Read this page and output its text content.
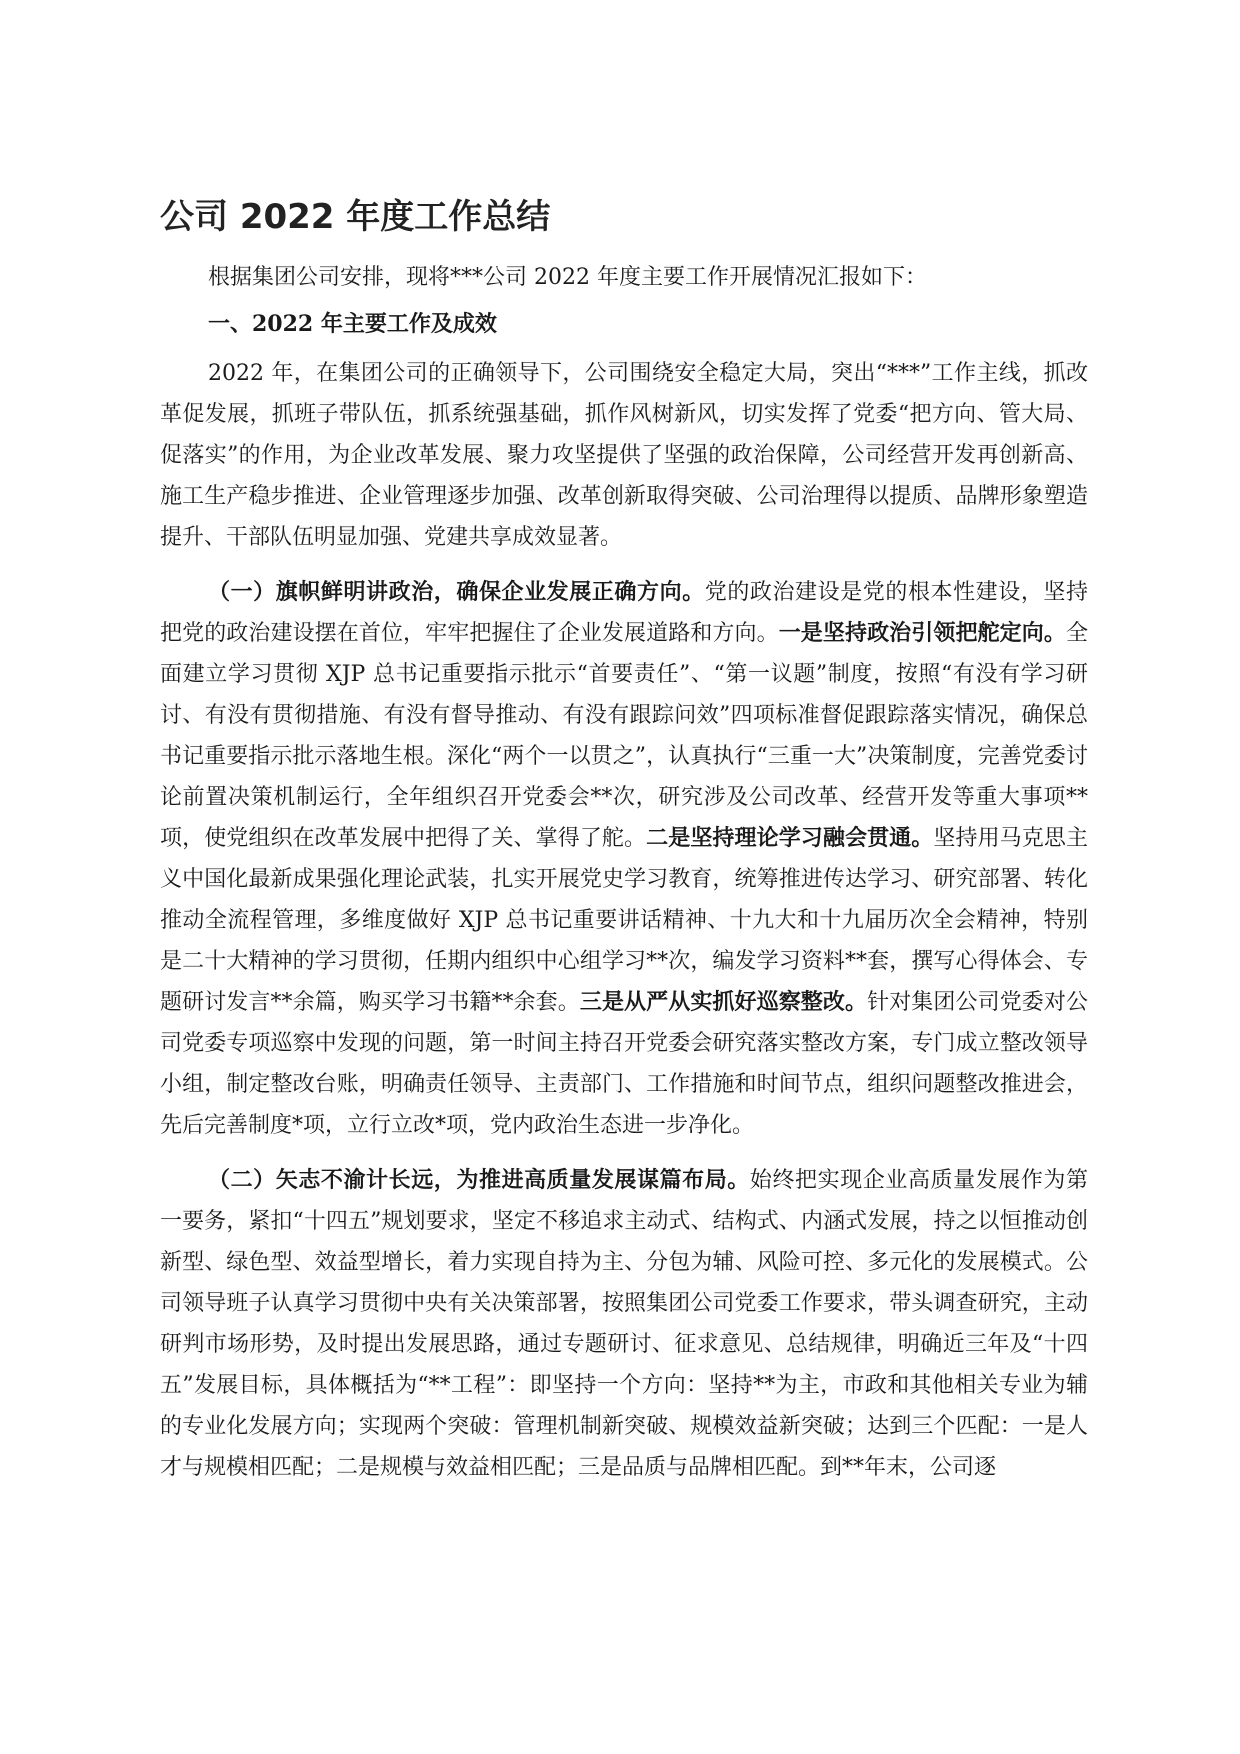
公司 2022 年度工作总结

根据集团公司安排，现将***公司 2022 年度主要工作开展情况汇报如下：

一、2022 年主要工作及成效

2022 年，在集团公司的正确领导下，公司围绕安全稳定大局，突出“***”工作主线，抓改革促发展，抓班子带队伍，抓系统强基础，抓作风树新风，切实发挥了党委“把方向、管大局、促落实”的作用，为企业改革发展、聚力攻坚提供了坚强的政治保障，公司经营开发再创新高、施工生产稳步推进、企业管理逐步加强、改革创新取得突破、公司治理得以提质、品牌形象塑造提升、干部队伍明显加强、党建共享成效显著。

（一）旗帜鲜明讲政治，确保企业发展正确方向。党的政治建设是党的根本性建设，坚持把党的政治建设摆在首位，牢牢把握住了企业发展道路和方向。一是坚持政治引领把舵定向。全面建立学习贯彻 XJP 总书记重要指示批示“首要责任”、“第一议题”制度，按照“有没有学习研讨、有没有贯彻措施、有没有督导推动、有没有跟踪问效”四项标准督促跟踪落实情况，确保总书记重要指示批示落地生根。深化“两个一以贯之”，认真执行“三重一大”决策制度，完善党委讨论前置决策机制运行，全年组织召开党委会**次，研究涉及公司改革、经营开发等重大事项**项，使党组织在改革发展中把得了关、掌得了舵。二是坚持理论学习融会贯通。坚持用马克思主义中国化最新成果强化理论武装，扎实开展党史学习教育，统筹推进传达学习、研究部署、转化推动全流程管理，多维度做好 XJP 总书记重要讲话精神、十九大和十九届历次全会精神，特别是二十大精神的学习贯彻，任期内组织中心组学习**次，编发学习资料**套，撰写心得体会、专题研讨发言**余篇，购买学习书籍**余套。三是从严从实抓好巡察整改。针对集团公司党委对公司党委专项巡察中发现的问题，第一时间主持召开党委会研究落实整改方案，专门成立整改领导小组，制定整改台账，明确责任领导、主责部门、工作措施和时间节点，组织问题整改推进会，先后完善制度*项，立行立改*项，党内政治生态进一步净化。

（二）矢志不渝计长远，为推进高质量发展谋篇布局。始终把实现企业高质量发展作为第一要务，紧扣“十四五”规划要求，坚定不移追求主动式、结构式、内涵式发展，持之以恒推动创新型、绿色型、效益型增长，着力实现自持为主、分包为辅、风险可控、多元化的发展模式。公司领导班子认真学习贯彻中央有关决策部署，按照集团公司党委工作要求，带头调查研究，主动研判市场形势，及时提出发展思路，通过专题研讨、征求意见、总结规律，明确近三年及“十四五”发展目标，具体概括为“**工程”：即坚持一个方向：坚持**为主，市政和其他相关专业为辅的专业化发展方向；实现两个突破：管理机制新突破、规模效益新突破；达到三个匹配：一是人才与规模相匹配；二是规模与效益相匹配；三是品质与品牌相匹配。到**年末，公司逐
